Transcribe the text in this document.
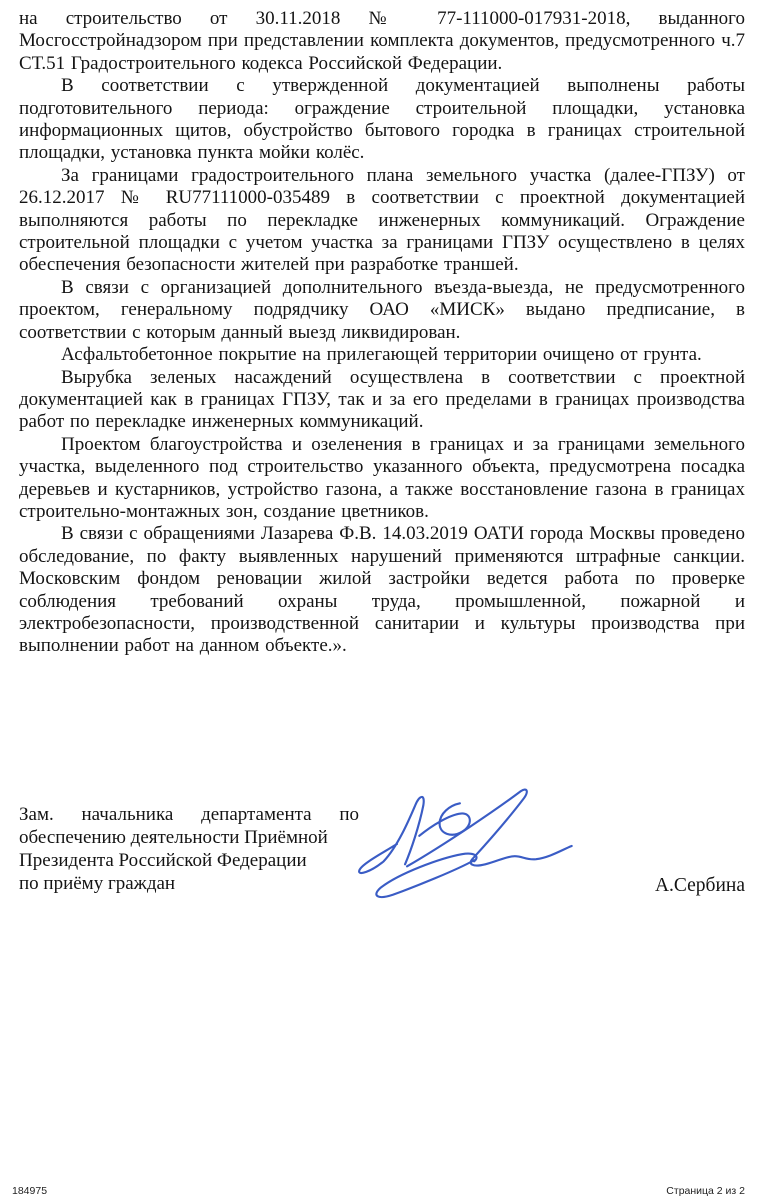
на строительство от 30.11.2018 № 77-111000-017931-2018, выданного Мосгосстройнадзором при представлении комплекта документов, предусмотренного ч.7 СТ.51 Градостроительного кодекса Российской Федерации.

В соответствии с утвержденной документацией выполнены работы подготовительного периода: ограждение строительной площадки, установка информационных щитов, обустройство бытового городка в границах строительной площадки, установка пункта мойки колёс.

За границами градостроительного плана земельного участка (далее-ГПЗУ) от 26.12.2017 № RU77111000-035489 в соответствии с проектной документацией выполняются работы по перекладке инженерных коммуникаций. Ограждение строительной площадки с учетом участка за границами ГПЗУ осуществлено в целях обеспечения безопасности жителей при разработке траншей.

В связи с организацией дополнительного въезда-выезда, не предусмотренного проектом, генеральному подрядчику ОАО «МИСК» выдано предписание, в соответствии с которым данный выезд ликвидирован.

Асфальтобетонное покрытие на прилегающей территории очищено от грунта.

Вырубка зеленых насаждений осуществлена в соответствии с проектной документацией как в границах ГПЗУ, так и за его пределами в границах производства работ по перекладке инженерных коммуникаций.

Проектом благоустройства и озеленения в границах и за границами земельного участка, выделенного под строительство указанного объекта, предусмотрена посадка деревьев и кустарников, устройство газона, а также восстановление газона в границах строительно-монтажных зон, создание цветников.

В связи с обращениями Лазарева Ф.В. 14.03.2019 ОАТИ города Москвы проведено обследование, по факту выявленных нарушений применяются штрафные санкции. Московским фондом реновации жилой застройки ведется работа по проверке соблюдения требований охраны труда, промышленной, пожарной и электробезопасности, производственной санитарии и культуры производства при выполнении работ на данном объекте.».

Зам. начальника департамента по
обеспечению деятельности Приёмной
Президента Российской Федерации
по приёму граждан	А.Сербина
184975	Страница 2 из 2
